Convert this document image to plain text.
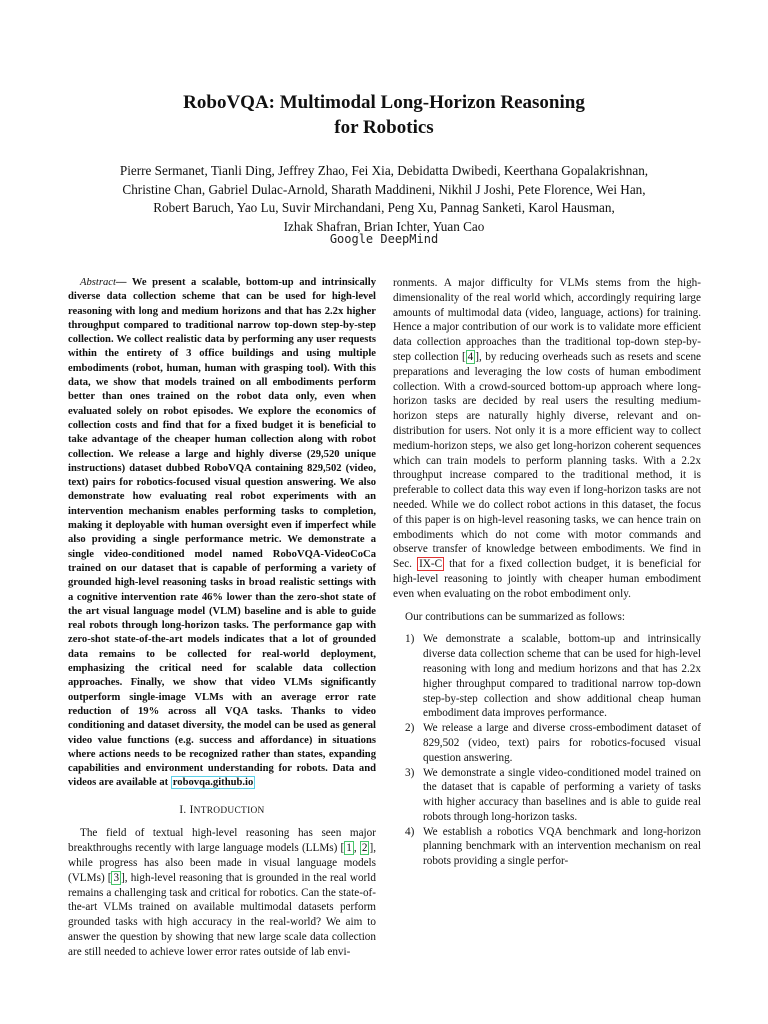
RoboVQA: Multimodal Long-Horizon Reasoning
for Robotics
Pierre Sermanet, Tianli Ding, Jeffrey Zhao, Fei Xia, Debidatta Dwibedi, Keerthana Gopalakrishnan,
Christine Chan, Gabriel Dulac-Arnold, Sharath Maddineni, Nikhil J Joshi, Pete Florence, Wei Han,
Robert Baruch, Yao Lu, Suvir Mirchandani, Peng Xu, Pannag Sanketi, Karol Hausman,
Izhak Shafran, Brian Ichter, Yuan Cao
Google DeepMind

Abstract— We present a scalable, bottom-up and intrinsically diverse data collection scheme that can be used for high-level reasoning with long and medium horizons and that has 2.2x higher throughput compared to traditional narrow top-down step-by-step collection. We collect realistic data by performing any user requests within the entirety of 3 office buildings and using multiple embodiments (robot, human, human with grasping tool). With this data, we show that models trained on all embodiments perform better than ones trained on the robot data only, even when evaluated solely on robot episodes. We explore the economics of collection costs and find that for a fixed budget it is beneficial to take advantage of the cheaper human collection along with robot collection. We release a large and highly diverse (29,520 unique instructions) dataset dubbed RoboVQA containing 829,502 (video, text) pairs for robotics-focused visual question answering. We also demonstrate how evaluating real robot experiments with an intervention mechanism enables performing tasks to completion, making it deployable with human oversight even if imperfect while also providing a single performance metric. We demonstrate a single video-conditioned model named RoboVQA-VideoCoCa trained on our dataset that is capable of performing a variety of grounded high-level reasoning tasks in broad realistic settings with a cognitive intervention rate 46% lower than the zero-shot state of the art visual language model (VLM) baseline and is able to guide real robots through long-horizon tasks. The performance gap with zero-shot state-of-the-art models indicates that a lot of grounded data remains to be collected for real-world deployment, emphasizing the critical need for scalable data collection approaches. Finally, we show that video VLMs significantly outperform single-image VLMs with an average error rate reduction of 19% across all VQA tasks. Thanks to video conditioning and dataset diversity, the model can be used as general video value functions (e.g. success and affordance) in situations where actions needs to be recognized rather than states, expanding capabilities and environment understanding for robots. Data and videos are available at robovqa.github.io

I. INTRODUCTION

The field of textual high-level reasoning has seen major breakthroughs recently with large language models (LLMs) [ 1 , 2 ], while progress has also been made in visual language models (VLMs) [ 3 ], high-level reasoning that is grounded in the real world remains a challenging task and critical for robotics. Can the state-of-the-art VLMs trained on available multimodal datasets perform grounded tasks with high accuracy in the real-world? We aim to answer the question by showing that new large scale data collection are still needed to achieve lower error rates outside of lab envi-

ronments. A major difficulty for VLMs stems from the high-dimensionality of the real world which, accordingly requiring large amounts of multimodal data (video, language, actions) for training. Hence a major contribution of our work is to validate more efficient data collection approaches than the traditional top-down step-by-step collection [ 4 ], by reducing overheads such as resets and scene preparations and leveraging the low costs of human embodiment collection. With a crowd-sourced bottom-up approach where long-horizon tasks are decided by real users the resulting medium-horizon steps are naturally highly diverse, relevant and on-distribution for users. Not only it is a more efficient way to collect medium-horizon steps, we also get long-horizon coherent sequences which can train models to perform planning tasks. With a 2.2x throughput increase compared to the traditional method, it is preferable to collect data this way even if long-horizon tasks are not needed. While we do collect robot actions in this dataset, the focus of this paper is on high-level reasoning tasks, we can hence train on embodiments which do not come with motor commands and observe transfer of knowledge between embodiments. We find in Sec. IX-C that for a fixed collection budget, it is beneficial for high-level reasoning to jointly with cheaper human embodiment even when evaluating on the robot embodiment only.

Our contributions can be summarized as follows:

1) We demonstrate a scalable, bottom-up and intrinsically diverse data collection scheme that can be used for high-level reasoning with long and medium horizons and that has 2.2x higher throughput compared to traditional narrow top-down step-by-step collection and show additional cheap human embodiment data improves performance.
2) We release a large and diverse cross-embodiment dataset of 829,502 (video, text) pairs for robotics-focused visual question answering.
3) We demonstrate a single video-conditioned model trained on the dataset that is capable of performing a variety of tasks with higher accuracy than baselines and is able to guide real robots through long-horizon tasks.
4) We establish a robotics VQA benchmark and long-horizon planning benchmark with an intervention mechanism on real robots providing a single perfor-
